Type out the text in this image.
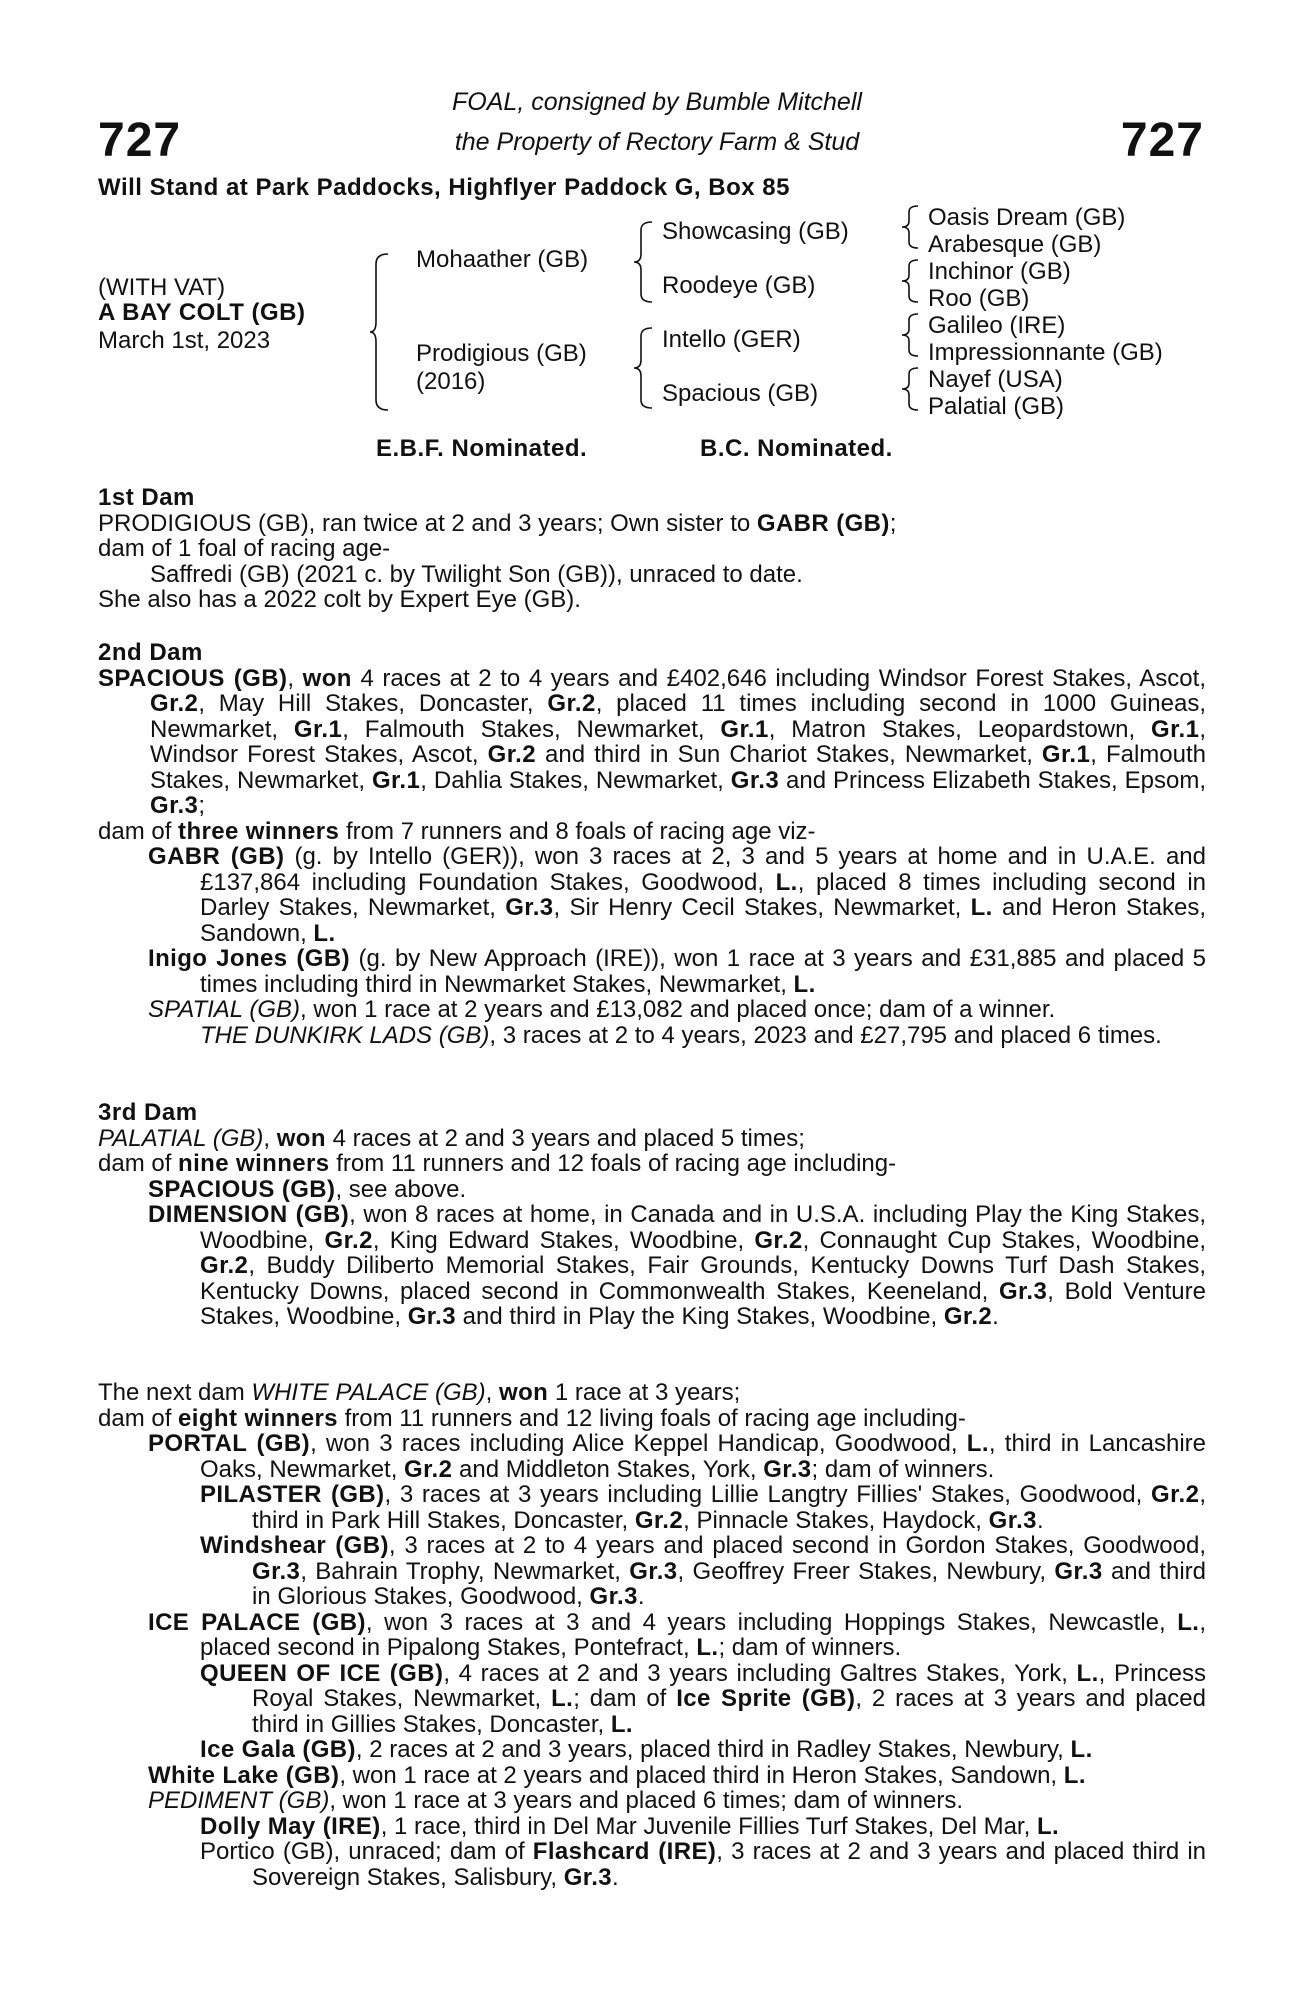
727	727
FOAL, consigned by Bumble Mitchell
the Property of Rectory Farm & Stud
Will Stand at Park Paddocks, Highflyer Paddock G, Box 85
(WITH VAT)
A BAY COLT (GB)
March 1st, 2023
Mohaather (GB)
Prodigious (GB)
(2016)
Showcasing (GB)
Roodeye (GB)
Intello (GER)
Spacious (GB)
Oasis Dream (GB)
Arabesque (GB)
Inchinor (GB)
Roo (GB)
Galileo (IRE)
Impressionnante (GB)
Nayef (USA)
Palatial (GB)
E.B.F. Nominated.	B.C. Nominated.
1st Dam
PRODIGIOUS (GB), ran twice at 2 and 3 years; Own sister to GABR (GB);
dam of 1 foal of racing age-
Saffredi (GB) (2021 c. by Twilight Son (GB)), unraced to date.
She also has a 2022 colt by Expert Eye (GB).
2nd Dam
SPACIOUS (GB), won 4 races at 2 to 4 years and £402,646 including Windsor Forest Stakes, Ascot, Gr.2, May Hill Stakes, Doncaster, Gr.2, placed 11 times including second in 1000 Guineas, Newmarket, Gr.1, Falmouth Stakes, Newmarket, Gr.1, Matron Stakes, Leopardstown, Gr.1, Windsor Forest Stakes, Ascot, Gr.2 and third in Sun Chariot Stakes, Newmarket, Gr.1, Falmouth Stakes, Newmarket, Gr.1, Dahlia Stakes, Newmarket, Gr.3 and Princess Elizabeth Stakes, Epsom, Gr.3;
dam of three winners from 7 runners and 8 foals of racing age viz-
GABR (GB) (g. by Intello (GER)), won 3 races at 2, 3 and 5 years at home and in U.A.E. and £137,864 including Foundation Stakes, Goodwood, L., placed 8 times including second in Darley Stakes, Newmarket, Gr.3, Sir Henry Cecil Stakes, Newmarket, L. and Heron Stakes, Sandown, L.
Inigo Jones (GB) (g. by New Approach (IRE)), won 1 race at 3 years and £31,885 and placed 5 times including third in Newmarket Stakes, Newmarket, L.
SPATIAL (GB), won 1 race at 2 years and £13,082 and placed once; dam of a winner.
THE DUNKIRK LADS (GB), 3 races at 2 to 4 years, 2023 and £27,795 and placed 6 times.
3rd Dam
PALATIAL (GB), won 4 races at 2 and 3 years and placed 5 times;
dam of nine winners from 11 runners and 12 foals of racing age including-
SPACIOUS (GB), see above.
DIMENSION (GB), won 8 races at home, in Canada and in U.S.A. including Play the King Stakes, Woodbine, Gr.2, King Edward Stakes, Woodbine, Gr.2, Connaught Cup Stakes, Woodbine, Gr.2, Buddy Diliberto Memorial Stakes, Fair Grounds, Kentucky Downs Turf Dash Stakes, Kentucky Downs, placed second in Commonwealth Stakes, Keeneland, Gr.3, Bold Venture Stakes, Woodbine, Gr.3 and third in Play the King Stakes, Woodbine, Gr.2.
The next dam WHITE PALACE (GB), won 1 race at 3 years;
dam of eight winners from 11 runners and 12 living foals of racing age including-
PORTAL (GB), won 3 races including Alice Keppel Handicap, Goodwood, L., third in Lancashire Oaks, Newmarket, Gr.2 and Middleton Stakes, York, Gr.3; dam of winners.
PILASTER (GB), 3 races at 3 years including Lillie Langtry Fillies' Stakes, Goodwood, Gr.2, third in Park Hill Stakes, Doncaster, Gr.2, Pinnacle Stakes, Haydock, Gr.3.
Windshear (GB), 3 races at 2 to 4 years and placed second in Gordon Stakes, Goodwood, Gr.3, Bahrain Trophy, Newmarket, Gr.3, Geoffrey Freer Stakes, Newbury, Gr.3 and third in Glorious Stakes, Goodwood, Gr.3.
ICE PALACE (GB), won 3 races at 3 and 4 years including Hoppings Stakes, Newcastle, L., placed second in Pipalong Stakes, Pontefract, L.; dam of winners.
QUEEN OF ICE (GB), 4 races at 2 and 3 years including Galtres Stakes, York, L., Princess Royal Stakes, Newmarket, L.; dam of Ice Sprite (GB), 2 races at 3 years and placed third in Gillies Stakes, Doncaster, L.
Ice Gala (GB), 2 races at 2 and 3 years, placed third in Radley Stakes, Newbury, L.
White Lake (GB), won 1 race at 2 years and placed third in Heron Stakes, Sandown, L.
PEDIMENT (GB), won 1 race at 3 years and placed 6 times; dam of winners.
Dolly May (IRE), 1 race, third in Del Mar Juvenile Fillies Turf Stakes, Del Mar, L.
Portico (GB), unraced; dam of Flashcard (IRE), 3 races at 2 and 3 years and placed third in Sovereign Stakes, Salisbury, Gr.3.
